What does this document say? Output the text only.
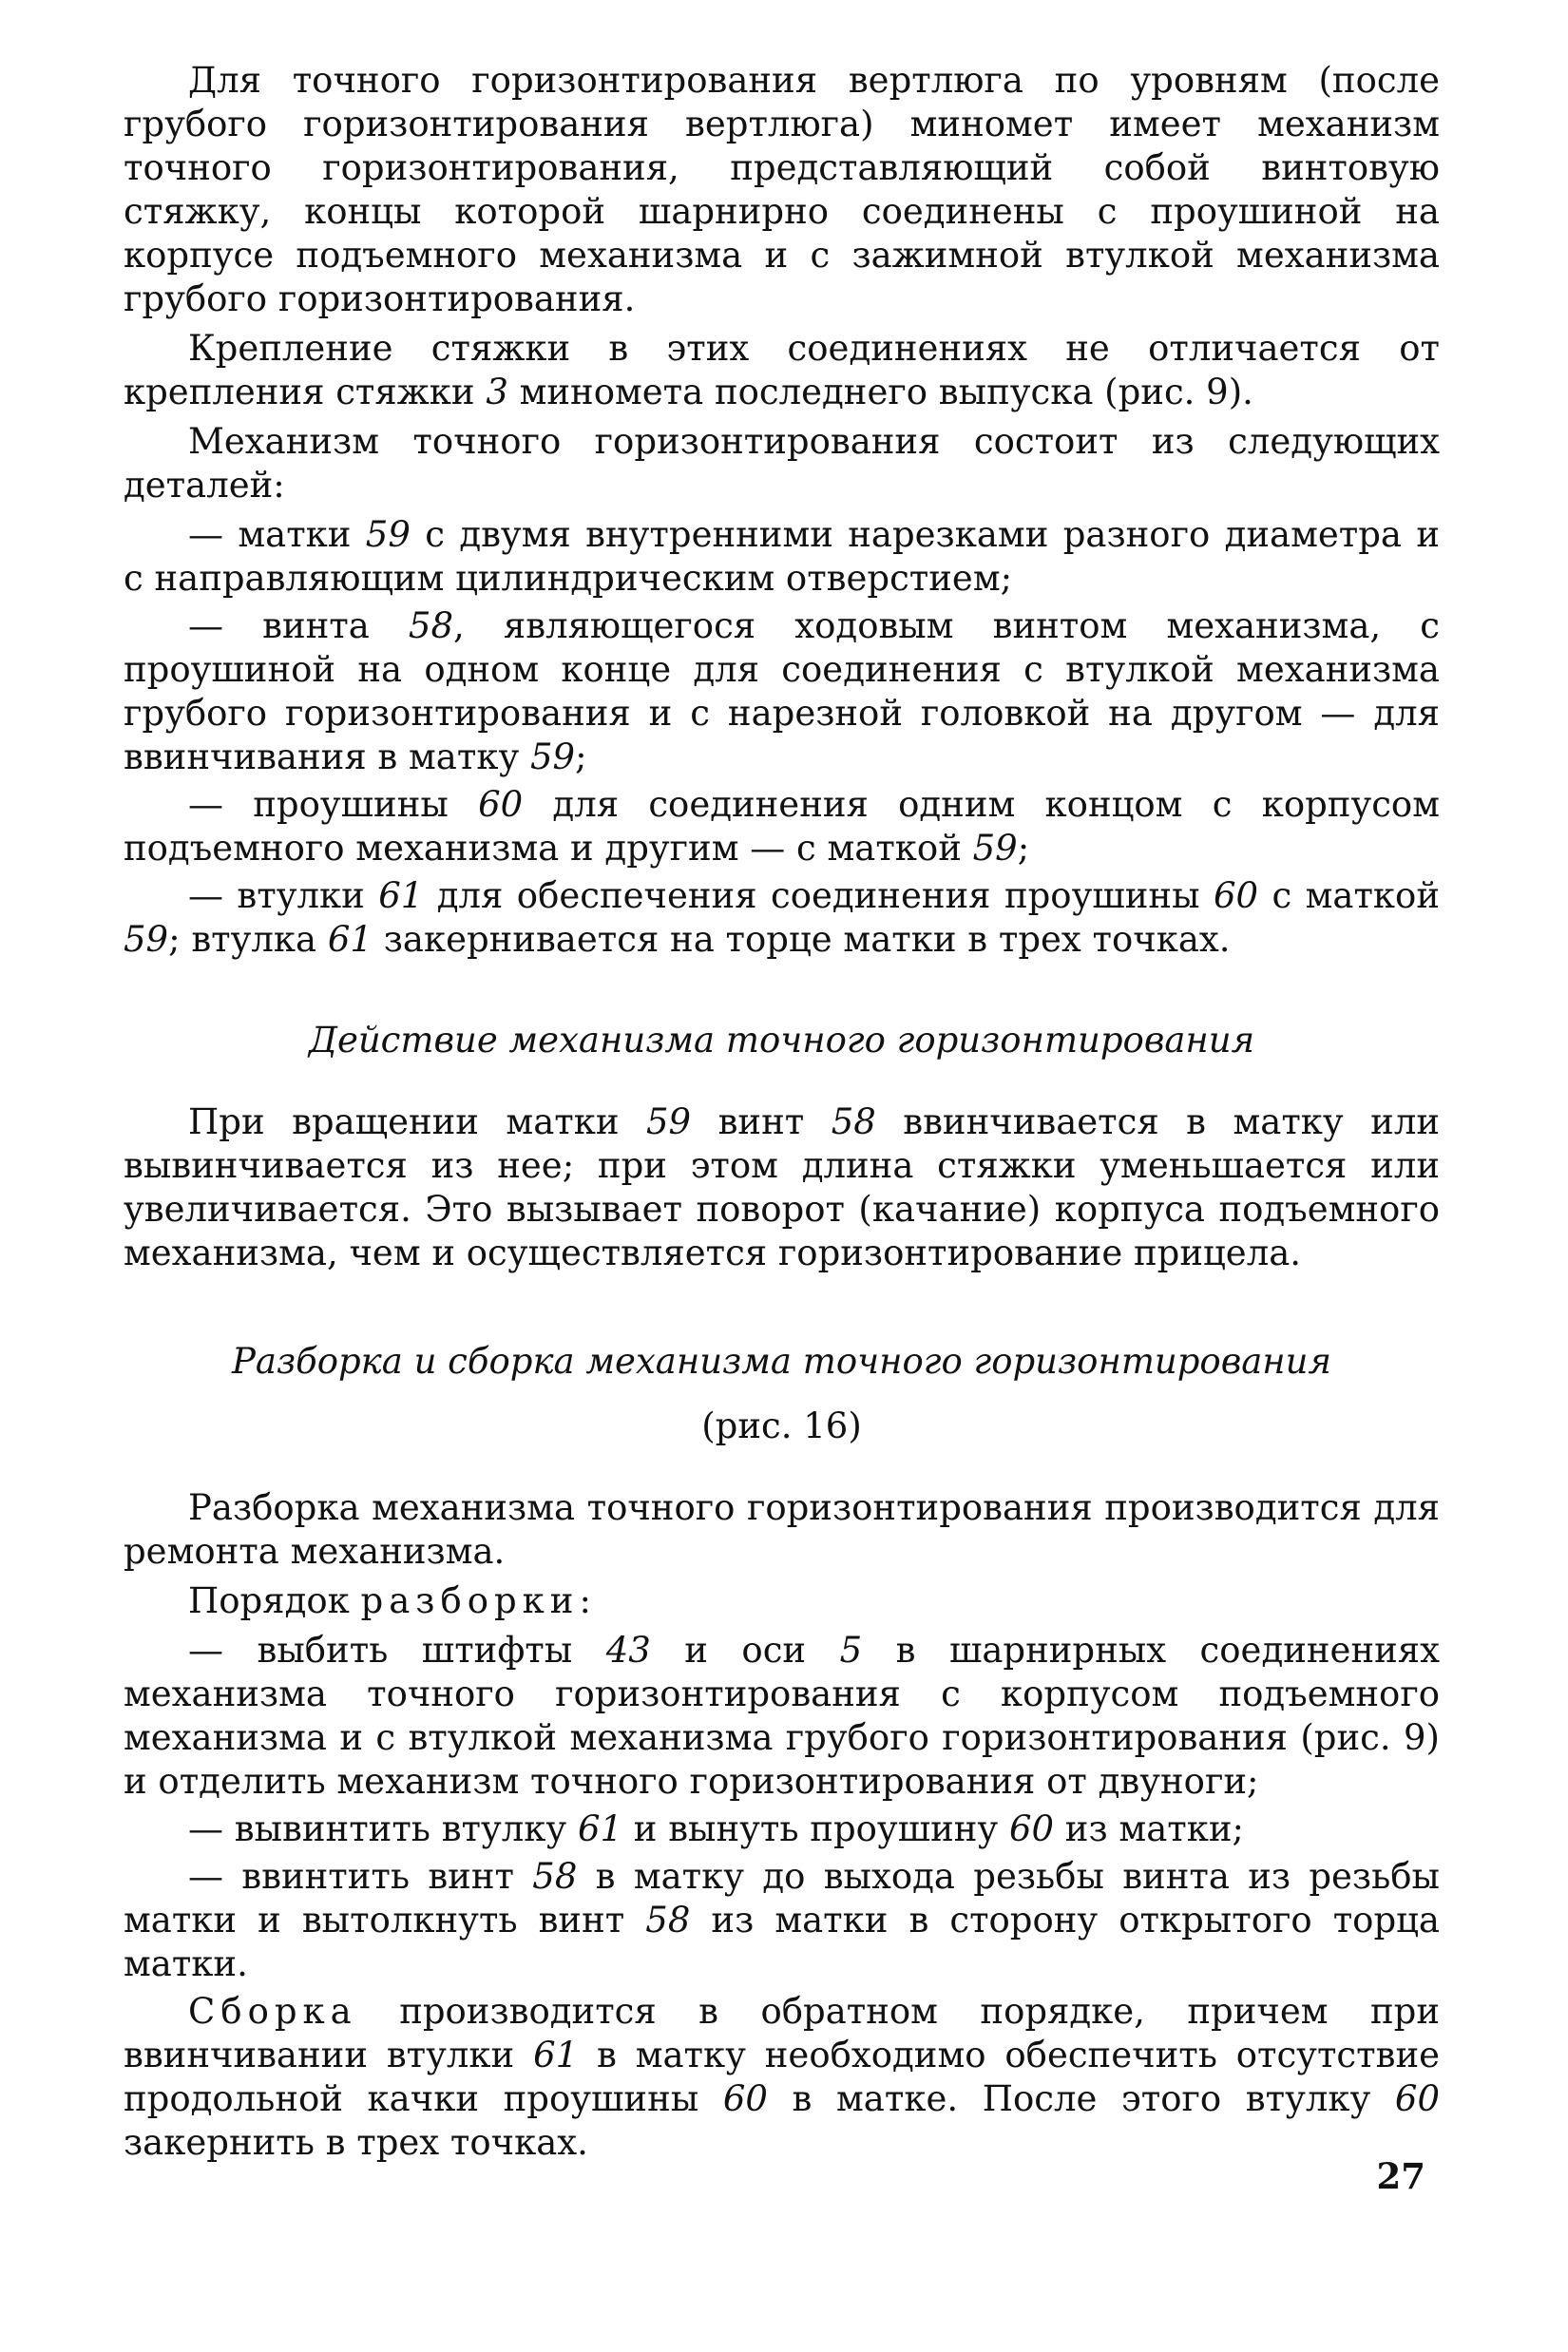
Для точного горизонтирования вертлюга по уровням (после грубого горизонтирования вертлюга) миномет имеет механизм точного горизонтирования, представляющий собой винтовую стяжку, концы которой шарнирно соединены с проушиной на корпусе подъемного механизма и с зажимной втулкой механизма грубого горизонтирования.

Крепление стяжки в этих соединениях не отличается от крепления стяжки 3 миномета последнего выпуска (рис. 9).

Механизм точного горизонтирования состоит из следующих деталей:

— матки 59 с двумя внутренними нарезками разного диаметра и с направляющим цилиндрическим отверстием;

— винта 58, являющегося ходовым винтом механизма, с проушиной на одном конце для соединения с втулкой механизма грубого горизонтирования и с нарезной головкой на другом — для ввинчивания в матку 59;

— проушины 60 для соединения одним концом с корпусом подъемного механизма и другим — с маткой 59;

— втулки 61 для обеспечения соединения проушины 60 с маткой 59; втулка 61 закернивается на торце матки в трех точках.

Действие механизма точного горизонтирования

При вращении матки 59 винт 58 ввинчивается в матку или вывинчивается из нее; при этом длина стяжки уменьшается или увеличивается. Это вызывает поворот (качание) корпуса подъемного механизма, чем и осуществляется горизонтирование прицела.

Разборка и сборка механизма точного горизонтирования
(рис. 16)

Разборка механизма точного горизонтирования производится для ремонта механизма.

Порядок разборки:

— выбить штифты 43 и оси 5 в шарнирных соединениях механизма точного горизонтирования с корпусом подъемного механизма и с втулкой механизма грубого горизонтирования (рис. 9) и отделить механизм точного горизонтирования от двуноги;

— вывинтить втулку 61 и вынуть проушину 60 из матки;

— ввинтить винт 58 в матку до выхода резьбы винта из резьбы матки и вытолкнуть винт 58 из матки в сторону открытого торца матки.

Сборка производится в обратном порядке, причем при ввинчивании втулки 61 в матку необходимо обеспечить отсутствие продольной качки проушины 60 в матке. После этого втулку 60 закернить в трех точках.

27
